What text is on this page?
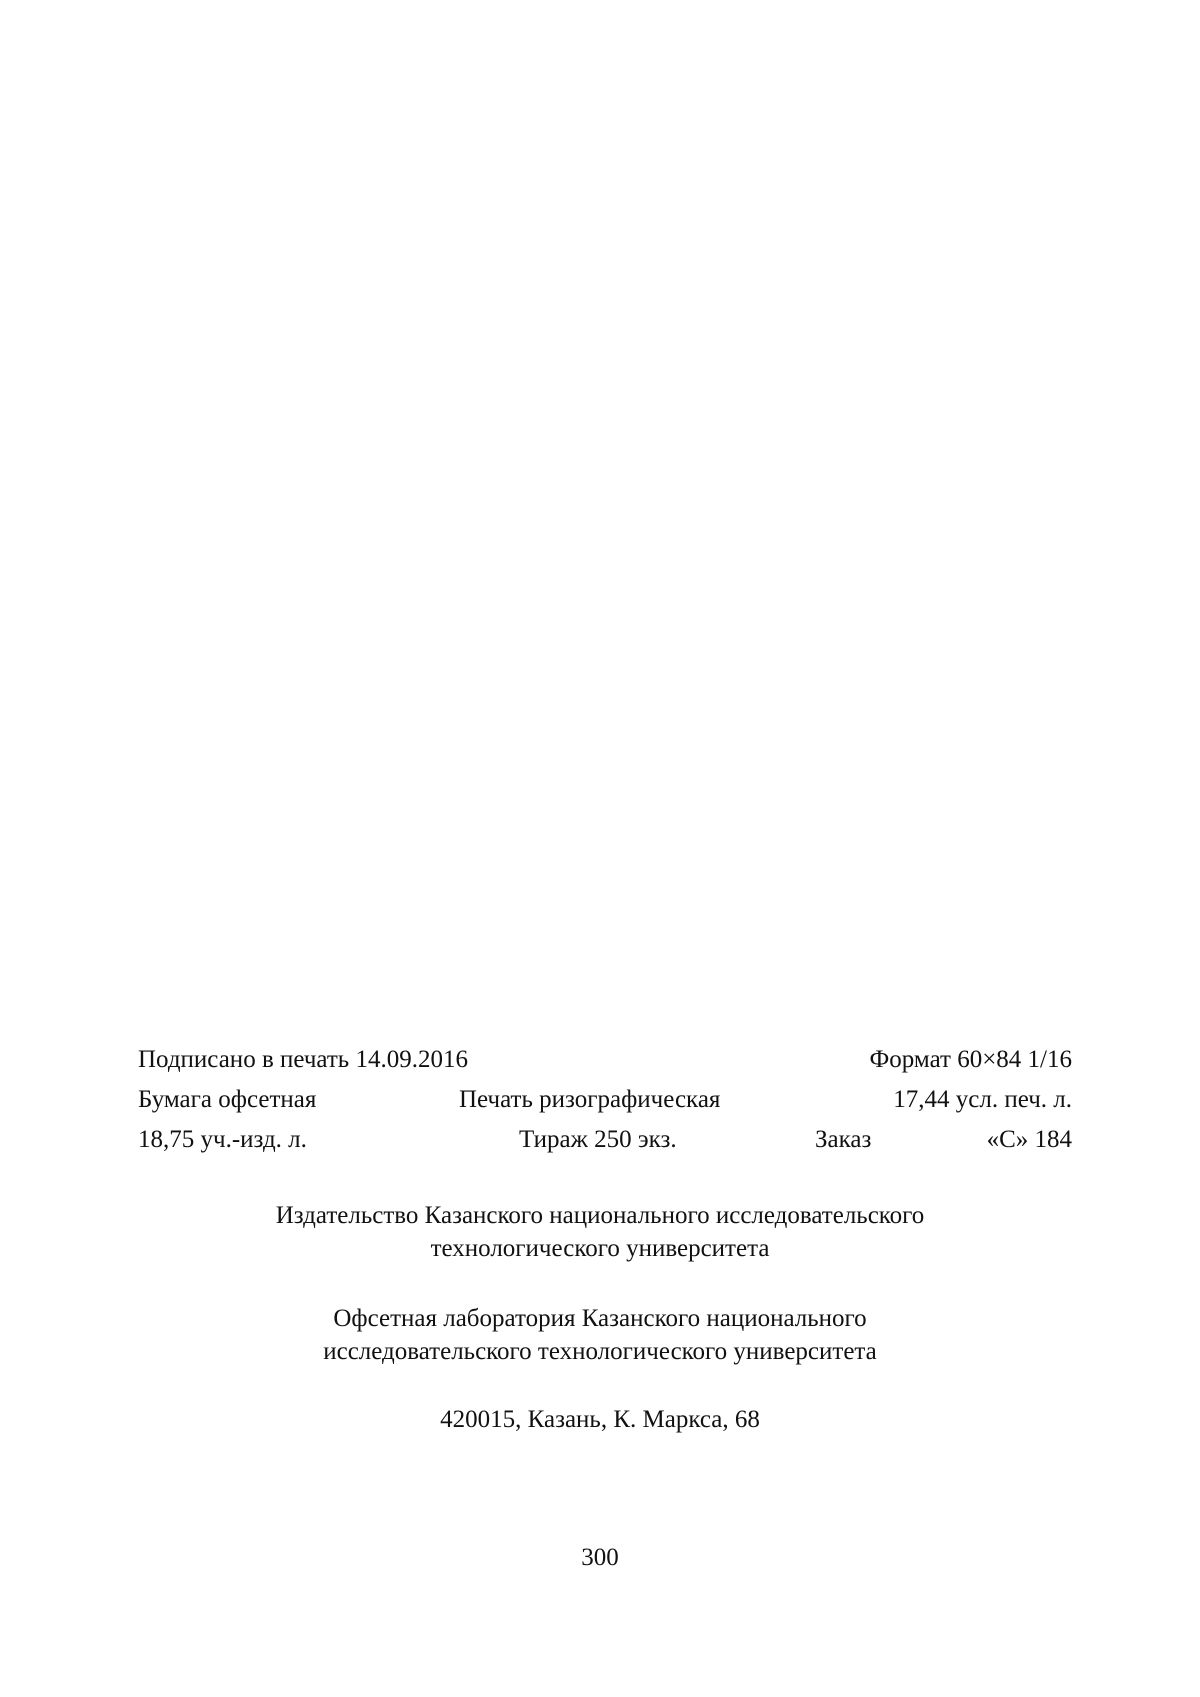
Подписано в печать 14.09.2016	Формат 60×84 1/16
Бумага офсетная	Печать ризографическая	17,44 усл. печ. л.
18,75 уч.-изд. л.	Тираж 250 экз.	Заказ	«С» 184
Издательство Казанского национального исследовательского
технологического университета
Офсетная лаборатория Казанского национального
исследовательского технологического университета
420015, Казань, К. Маркса, 68
300
